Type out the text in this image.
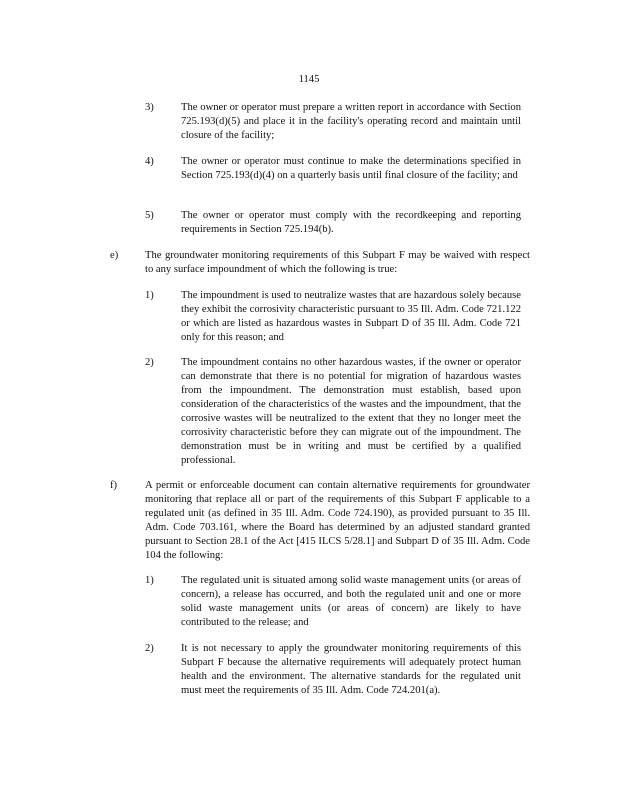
1145
3)	The owner or operator must prepare a written report in accordance with Section 725.193(d)(5) and place it in the facility's operating record and maintain until closure of the facility;
4)	The owner or operator must continue to make the determinations specified in Section 725.193(d)(4) on a quarterly basis until final closure of the facility; and
5)	The owner or operator must comply with the recordkeeping and reporting requirements in Section 725.194(b).
e)	The groundwater monitoring requirements of this Subpart F may be waived with respect to any surface impoundment of which the following is true:
1)	The impoundment is used to neutralize wastes that are hazardous solely because they exhibit the corrosivity characteristic pursuant to 35 Ill. Adm. Code 721.122 or which are listed as hazardous wastes in Subpart D of 35 Ill. Adm. Code 721 only for this reason; and
2)	The impoundment contains no other hazardous wastes, if the owner or operator can demonstrate that there is no potential for migration of hazardous wastes from the impoundment. The demonstration must establish, based upon consideration of the characteristics of the wastes and the impoundment, that the corrosive wastes will be neutralized to the extent that they no longer meet the corrosivity characteristic before they can migrate out of the impoundment. The demonstration must be in writing and must be certified by a qualified professional.
f)	A permit or enforceable document can contain alternative requirements for groundwater monitoring that replace all or part of the requirements of this Subpart F applicable to a regulated unit (as defined in 35 Ill. Adm. Code 724.190), as provided pursuant to 35 Ill. Adm. Code 703.161, where the Board has determined by an adjusted standard granted pursuant to Section 28.1 of the Act [415 ILCS 5/28.1] and Subpart D of 35 Ill. Adm. Code 104 the following:
1)	The regulated unit is situated among solid waste management units (or areas of concern), a release has occurred, and both the regulated unit and one or more solid waste management units (or areas of concern) are likely to have contributed to the release; and
2)	It is not necessary to apply the groundwater monitoring requirements of this Subpart F because the alternative requirements will adequately protect human health and the environment. The alternative standards for the regulated unit must meet the requirements of 35 Ill. Adm. Code 724.201(a).
